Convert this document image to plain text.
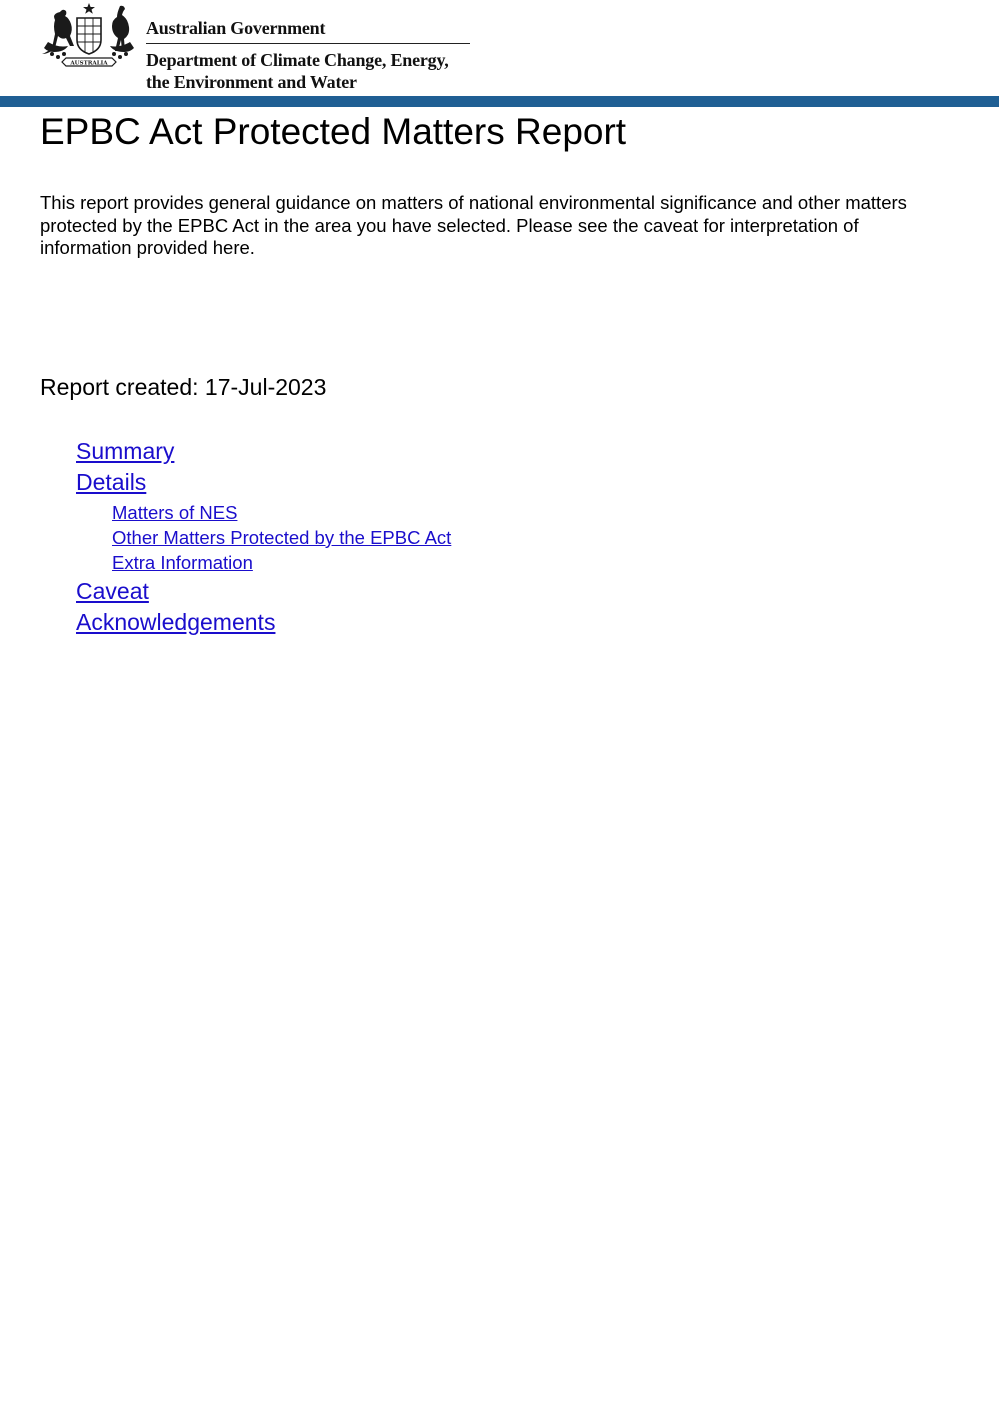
AUSTRALIA
Australian Government
Department of Climate Change, Energy,
the Environment and Water
EPBC Act Protected Matters Report

This report provides general guidance on matters of national environmental significance and other matters protected by the EPBC Act in the area you have selected. Please see the caveat for interpretation of information provided here.

Report created: 17-Jul-2023
Summary
Details
Matters of NES
Other Matters Protected by the EPBC Act
Extra Information
Caveat
Acknowledgements
